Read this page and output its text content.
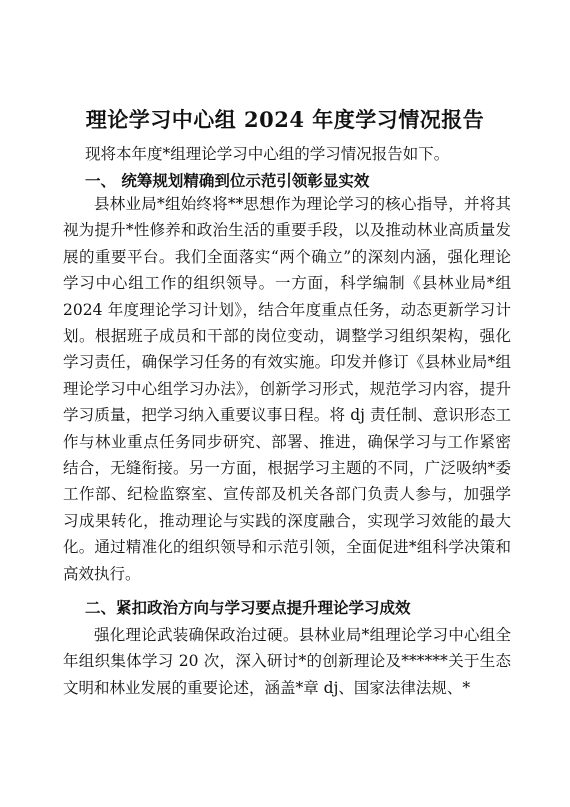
理论学习中心组 2024 年度学习情况报告
现将本年度*组理论学习中心组的学习情况报告如下。
一、 统筹规划精确到位示范引领彰显实效

县林业局*组始终将**思想作为理论学习的核心指导，并将其视为提升*性修养和政治生活的重要手段，以及推动林业高质量发展的重要平台。我们全面落实“两个确立”的深刻内涵，强化理论学习中心组工作的组织领导。一方面，科学编制《县林业局*组 2024 年度理论学习计划》，结合年度重点任务，动态更新学习计划。根据班子成员和干部的岗位变动，调整学习组织架构，强化学习责任，确保学习任务的有效实施。印发并修订《县林业局*组理论学习中心组学习办法》，创新学习形式，规范学习内容，提升学习质量，把学习纳入重要议事日程。将 dj 责任制、意识形态工作与林业重点任务同步研究、部署、推进，确保学习与工作紧密结合，无缝衔接。另一方面，根据学习主题的不同，广泛吸纳*委工作部、纪检监察室、宣传部及机关各部门负责人参与，加强学习成果转化，推动理论与实践的深度融合，实现学习效能的最大化。通过精准化的组织领导和示范引领，全面促进*组科学决策和高效执行。

二、紧扣政治方向与学习要点提升理论学习成效

强化理论武装确保政治过硬。县林业局*组理论学习中心组全年组织集体学习 20 次，深入研讨*的创新理论及******关于生态文明和林业发展的重要论述，涵盖*章 dj、国家法律法规、*
